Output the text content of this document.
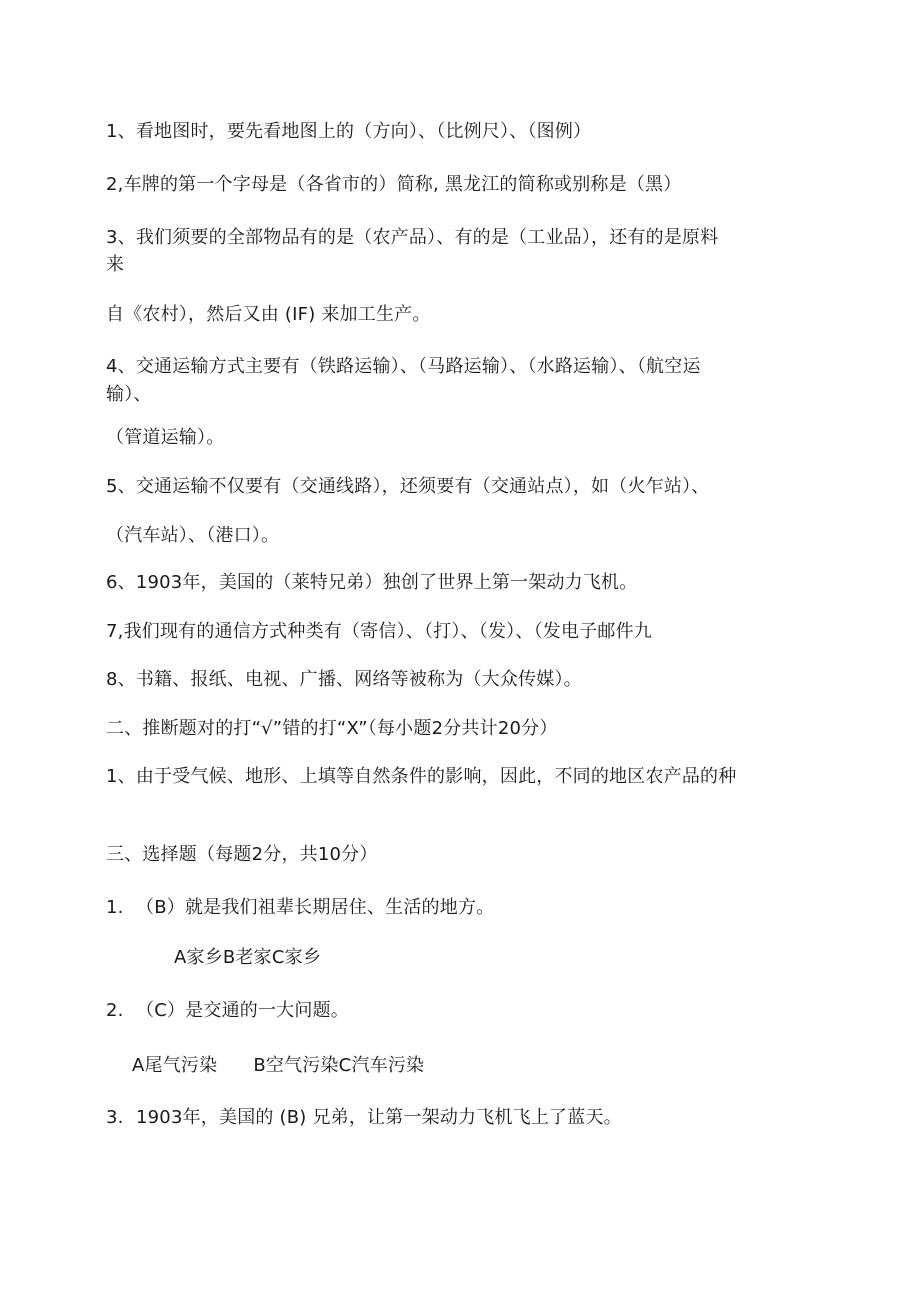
1、看地图时，要先看地图上的（方向）、（比例尺）、（图例）
2,车牌的第一个字母是（各省市的）简称, 黑龙江的简称或别称是（黑）
3、我们须要的全部物品有的是（农产品）、有的是（工业品），还有的是原料
来
自《农村），然后又由 (IF) 来加工生产。
4、交通运输方式主要有（铁路运输）、（马路运输）、（水路运输）、（航空运
输）、
（管道运输）。
5、交通运输不仅要有（交通线路），还须要有（交通站点），如（火乍站）、
（汽车站）、（港口）。
6、1903年，美国的（莱特兄弟）独创了世界上第一架动力飞机。
7,我们现有的通信方式种类有（寄信）、（打）、（发）、（发电子邮件九
8、书籍、报纸、电视、广播、网络等被称为（大众传媒）。
二、推断题对的打“√”错的打“X”（每小题2分共计20分）
1、由于受气候、地形、上填等自然条件的影响，因此，不同的地区农产品的种
三、选择题（每题2分，共10分）
1. （B）就是我们祖辈长期居住、生活的地方。
A家乡B老家C家乡
2. （C）是交通的一大问题。
A尾气污染 B空气污染C汽车污染
3. 1903年，美国的 (B) 兄弟，让第一架动力飞机飞上了蓝天。
